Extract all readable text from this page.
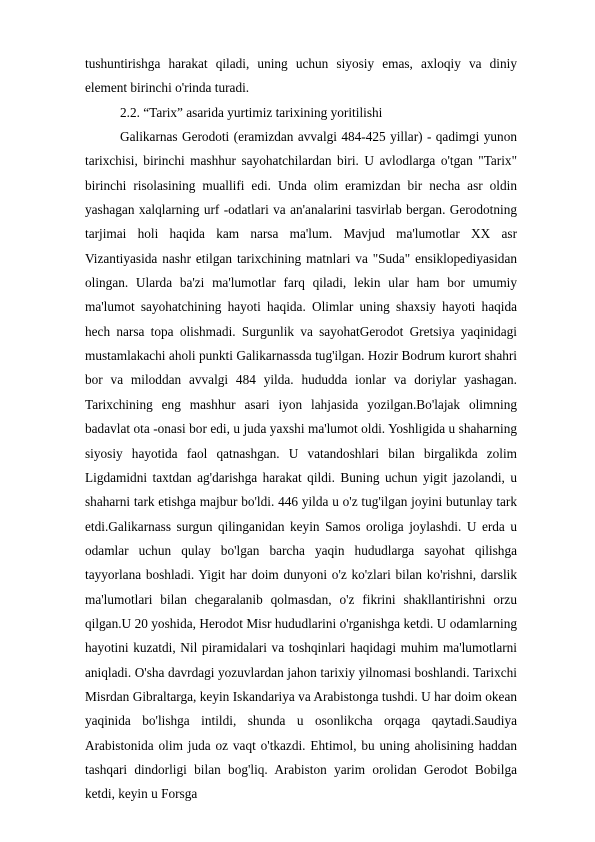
tushuntirishga harakat qiladi, uning uchun siyosiy emas, axloqiy va diniy element birinchi o'rinda turadi.

2.2. “Tarix” asarida yurtimiz tarixining yoritilishi

Galikarnas Gerodoti (eramizdan avvalgi 484-425 yillar) - qadimgi yunon tarixchisi, birinchi mashhur sayohatchilardan biri. U avlodlarga o'tgan "Tarix" birinchi risolasining muallifi edi. Unda olim eramizdan bir necha asr oldin yashagan xalqlarning urf -odatlari va an'analarini tasvirlab bergan. Gerodotning tarjimai holi haqida kam narsa ma'lum. Mavjud ma'lumotlar XX asr Vizantiyasida nashr etilgan tarixchining matnlari va "Suda" ensiklopediyasidan olingan. Ularda ba'zi ma'lumotlar farq qiladi, lekin ular ham bor umumiy ma'lumot sayohatchining hayoti haqida. Olimlar uning shaxsiy hayoti haqida hech narsa topa olishmadi. Surgunlik va sayohatGerodot Gretsiya yaqinidagi mustamlakachi aholi punkti Galikarnassda tug'ilgan. Hozir Bodrum kurort shahri bor va miloddan avvalgi 484 yilda. hududda ionlar va doriylar yashagan. Tarixchining eng mashhur asari iyon lahjasida yozilgan.Bo'lajak olimning badavlat ota -onasi bor edi, u juda yaxshi ma'lumot oldi. Yoshligida u shaharning siyosiy hayotida faol qatnashgan. U vatandoshlari bilan birgalikda zolim Ligdamidni taxtdan ag'darishga harakat qildi. Buning uchun yigit jazolandi, u shaharni tark etishga majbur bo'ldi. 446 yilda u o'z tug'ilgan joyini butunlay tark etdi.Galikarnass surgun qilinganidan keyin Samos oroliga joylashdi. U erda u odamlar uchun qulay bo'lgan barcha yaqin hududlarga sayohat qilishga tayyorlana boshladi. Yigit har doim dunyoni o'z ko'zlari bilan ko'rishni, darslik ma'lumotlari bilan chegaralanib qolmasdan, o'z fikrini shakllantirishni orzu qilgan.U 20 yoshida, Herodot Misr hududlarini o'rganishga ketdi. U odamlarning hayotini kuzatdi, Nil piramidalari va toshqinlari haqidagi muhim ma'lumotlarni aniqladi. O'sha davrdagi yozuvlardan jahon tarixiy yilnomasi boshlandi. Tarixchi Misrdan Gibraltarga, keyin Iskandariya va Arabistonga tushdi. U har doim okean yaqinida bo'lishga intildi, shunda u osonlikcha orqaga qaytadi.Saudiya Arabistonida olim juda oz vaqt o'tkazdi. Ehtimol, bu uning aholisining haddan tashqari dindorligi bilan bog'liq. Arabiston yarim orolidan Gerodot Bobilga ketdi, keyin u Forsga
